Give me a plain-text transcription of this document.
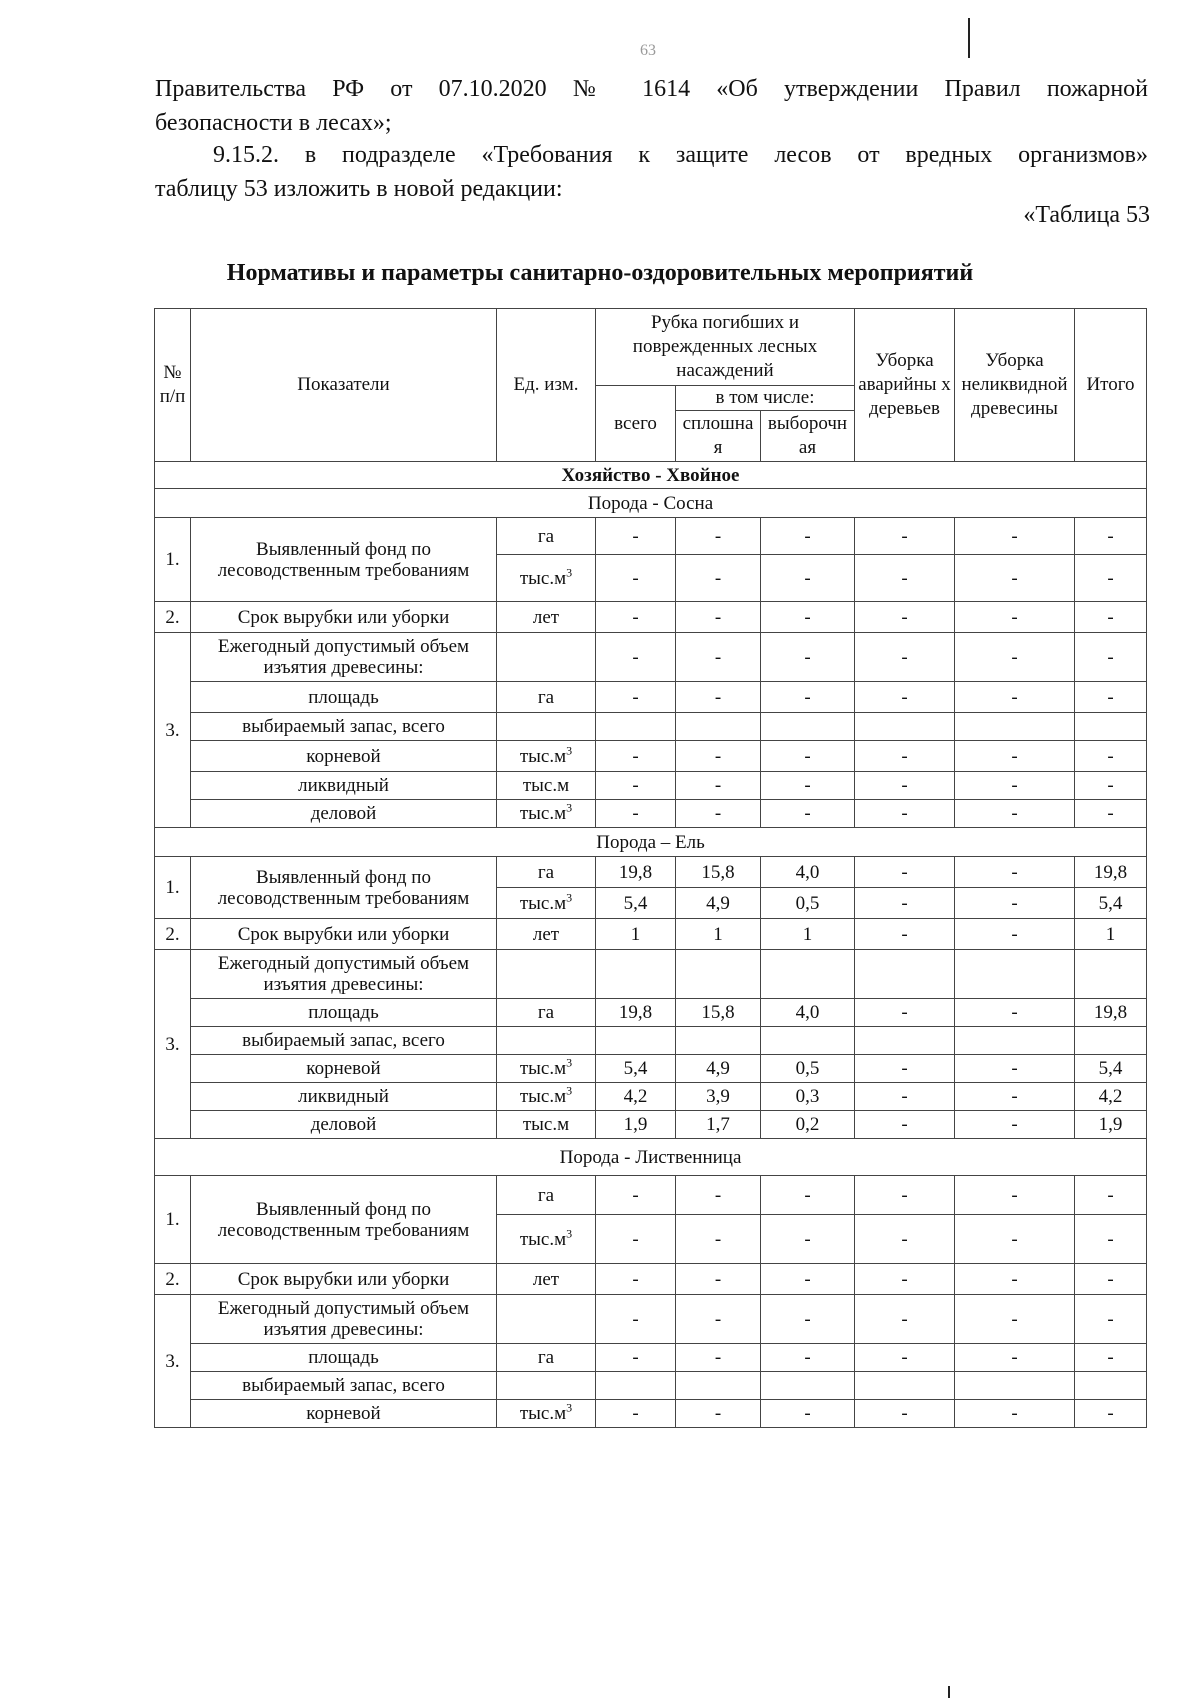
63
Правительства РФ от 07.10.2020 № 1614 «Об утверждении Правил пожарной
безопасности в лесах»;
9.15.2. в подразделе «Требования к защите лесов от вредных организмов»
таблицу 53 изложить в новой редакции:
«Таблица 53
Нормативы и параметры санитарно-оздоровительных мероприятий
№ п/п	Показатели	Ед. изм.	Рубка погибших и поврежденных лесных насаждений			Уборка аварийны х деревьев	Уборка неликвидной древесины	Итого
			всего	в том числе:				
				сплошна я	выборочн ая			

Хозяйство - Хвойное								
Порода - Сосна								
1.	Выявленный фонд по лесоводственным требованиям	га	-	-	-	-	-	-
		$тыс.м^3$	-	-	-	-	-	-
2.	Срок вырубки или уборки	лет	-	-	-	-	-	-
3.	Ежегодный допустимый объем изъятия древесины:		-	-	-	-	-	-
	площадь	га	-	-	-	-	-	-
	выбираемый запас, всего							
	корневой	$тыс.м^3$	-	-	-	-	-	-
	ликвидный	тыс.м	-	-	-	-	-	-
	деловой	$тыс.м^3$	-	-	-	-	-	-
Порода – Ель								
1.	Выявленный фонд по лесоводственным требованиям	га	19,8	15,8	4,0	-	-	19,8
		$тыс.м^3$	5,4	4,9	0,5	-	-	5,4
2.	Срок вырубки или уборки	лет	1	1	1	-	-	1
3.	Ежегодный допустимый объем изъятия древесины:							
	площадь	га	19,8	15,8	4,0	-	-	19,8
	выбираемый запас, всего							
	корневой	$тыс.м^3$	5,4	4,9	0,5	-	-	5,4
	ликвидный	$тыс.м^3$	4,2	3,9	0,3	-	-	4,2
	деловой	тыс.м	1,9	1,7	0,2	-	-	1,9
Порода - Лиственница								
1.	Выявленный фонд по лесоводственным требованиям	га	-	-	-	-	-	-
		$тыс.м^3$	-	-	-	-	-	-
2.	Срок вырубки или уборки	лет	-	-	-	-	-	-
3.	Ежегодный допустимый объем изъятия древесины:		-	-	-	-	-	-
	площадь	га	-	-	-	-	-	-
	выбираемый запас, всего							
	корневой	$тыс.м^3$	-	-	-	-	-	-
